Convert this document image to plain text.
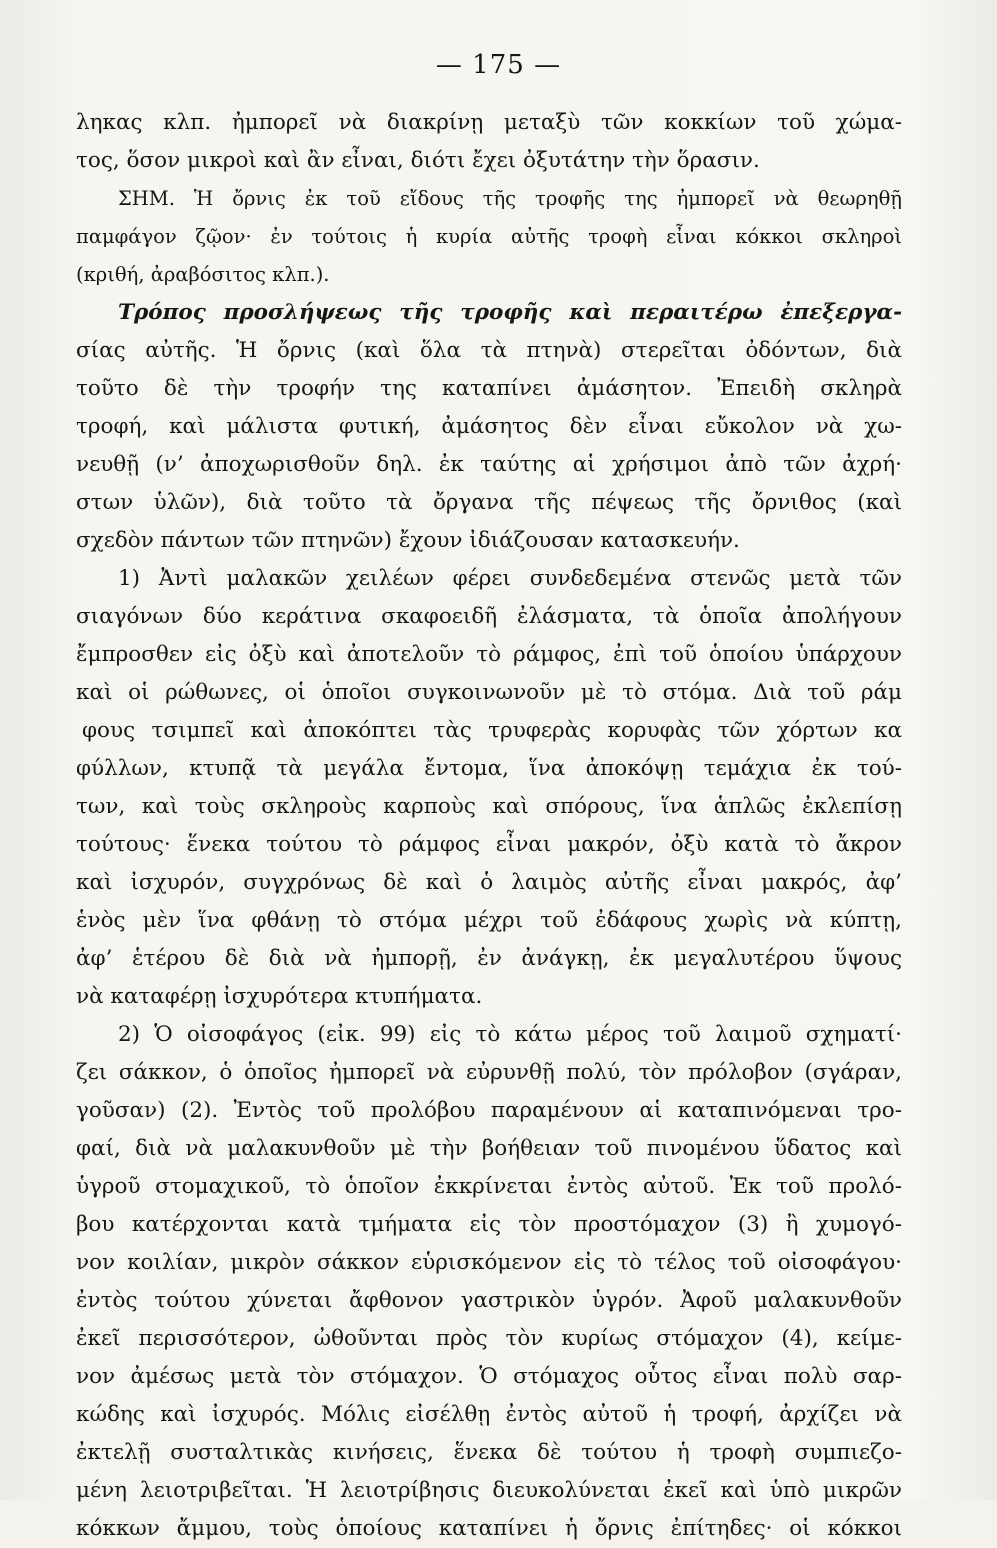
— 175 —
ληκας κλπ. ἠμπορεῖ νὰ διακρίνῃ μεταξὺ τῶν κοκκίων τοῦ χώμα-
τος, ὅσον μικροὶ καὶ ἂν εἶναι, διότι ἔχει ὀξυτάτην τὴν ὅρασιν.
ΣΗΜ. Ἡ ὄρνις ἐκ τοῦ εἴδους τῆς τροφῆς της ἠμπορεῖ νὰ θεωρηθῇ
παμφάγον ζῷον· ἐν τούτοις ἡ κυρία αὐτῆς τροφὴ εἶναι κόκκοι σκληροὶ
(κριθή, ἀραβόσιτος κλπ.).
Τρόπος προσλήψεως τῆς τροφῆς καὶ περαιτέρω ἐπεξεργα-
σίας αὐτῆς. Ἡ ὄρνις (καὶ ὅλα τὰ πτηνὰ) στερεῖται ὀδόντων, διὰ
τοῦτο δὲ τὴν τροφήν της καταπίνει ἀμάσητον. Ἐπειδὴ σκληρὰ
τροφή, καὶ μάλιστα φυτική, ἀμάσητος δὲν εἶναι εὔκολον νὰ χω-
νευθῇ (ν’ ἀποχωρισθοῦν δηλ. ἐκ ταύτης αἱ χρήσιμοι ἀπὸ τῶν ἀχρή·
στων ὑλῶν), διὰ τοῦτο τὰ ὄργανα τῆς πέψεως τῆς ὄρνιθος (καὶ
σχεδὸν πάντων τῶν πτηνῶν) ἔχουν ἰδιάζουσαν κατασκευήν.
1) Ἀντὶ μαλακῶν χειλέων φέρει συνδεδεμένα στενῶς μετὰ τῶν
σιαγόνων δύο κεράτινα σκαφοειδῆ ἐλάσματα, τὰ ὁποῖα ἀπολήγουν
ἔμπροσθεν εἰς ὀξὺ καὶ ἀποτελοῦν τὸ ράμφος, ἐπὶ τοῦ ὁποίου ὑπάρχουν
καὶ οἱ ρώθωνες, οἱ ὁποῖοι συγκοινωνοῦν μὲ τὸ στόμα. Διὰ τοῦ ράμ
φους τσιμπεῖ καὶ ἀποκόπτει τὰς τρυφερὰς κορυφὰς τῶν χόρτων κα
φύλλων, κτυπᾷ τὰ μεγάλα ἔντομα, ἵνα ἀποκόψῃ τεμάχια ἐκ τού-
των, καὶ τοὺς σκληροὺς καρποὺς καὶ σπόρους, ἵνα ἁπλῶς ἐκλεπίσῃ
τούτους· ἕνεκα τούτου τὸ ράμφος εἶναι μακρόν, ὀξὺ κατὰ τὸ ἄκρον
καὶ ἰσχυρόν, συγχρόνως δὲ καὶ ὁ λαιμὸς αὐτῆς εἶναι μακρός, ἀφ’
ἑνὸς μὲν ἵνα φθάνῃ τὸ στόμα μέχρι τοῦ ἐδάφους χωρὶς νὰ κύπτῃ,
ἀφ’ ἑτέρου δὲ διὰ νὰ ἠμπορῇ, ἐν ἀνάγκῃ, ἐκ μεγαλυτέρου ὕψους
νὰ καταφέρῃ ἰσχυρότερα κτυπήματα.
2) Ὁ οἰσοφάγος (εἰκ. 99) εἰς τὸ κάτω μέρος τοῦ λαιμοῦ σχηματί·
ζει σάκκον, ὁ ὁποῖος ἠμπορεῖ νὰ εὐρυνθῇ πολύ, τὸν πρόλοβον (σγάραν,
γοῦσαν) (2). Ἐντὸς τοῦ προλόβου παραμένουν αἱ καταπινόμεναι τρο-
φαί, διὰ νὰ μαλακυνθοῦν μὲ τὴν βοήθειαν τοῦ πινομένου ὕδατος καὶ
ὑγροῦ στομαχικοῦ, τὸ ὁποῖον ἐκκρίνεται ἐντὸς αὐτοῦ. Ἐκ τοῦ προλό-
βου κατέρχονται κατὰ τμήματα εἰς τὸν προστόμαχον (3) ἢ χυμογό-
νον κοιλίαν, μικρὸν σάκκον εὑρισκόμενον εἰς τὸ τέλος τοῦ οἰσοφάγου·
ἐντὸς τούτου χύνεται ἄφθονον γαστρικὸν ὑγρόν. Ἀφοῦ μαλακυνθοῦν
ἐκεῖ περισσότερον, ὠθοῦνται πρὸς τὸν κυρίως στόμαχον (4), κείμε-
νον ἀμέσως μετὰ τὸν στόμαχον. Ὁ στόμαχος οὗτος εἶναι πολὺ σαρ-
κώδης καὶ ἰσχυρός. Μόλις εἰσέλθῃ ἐντὸς αὐτοῦ ἡ τροφή, ἀρχίζει νὰ
ἐκτελῇ συσταλτικὰς κινήσεις, ἕνεκα δὲ τούτου ἡ τροφὴ συμπιεζο-
μένη λειοτριβεῖται. Ἡ λειοτρίβησις διευκολύνεται ἐκεῖ καὶ ὑπὸ μικρῶν
κόκκων ἄμμου, τοὺς ὁποίους καταπίνει ἡ ὄρνις ἐπίτηδες· οἱ κόκκοι
